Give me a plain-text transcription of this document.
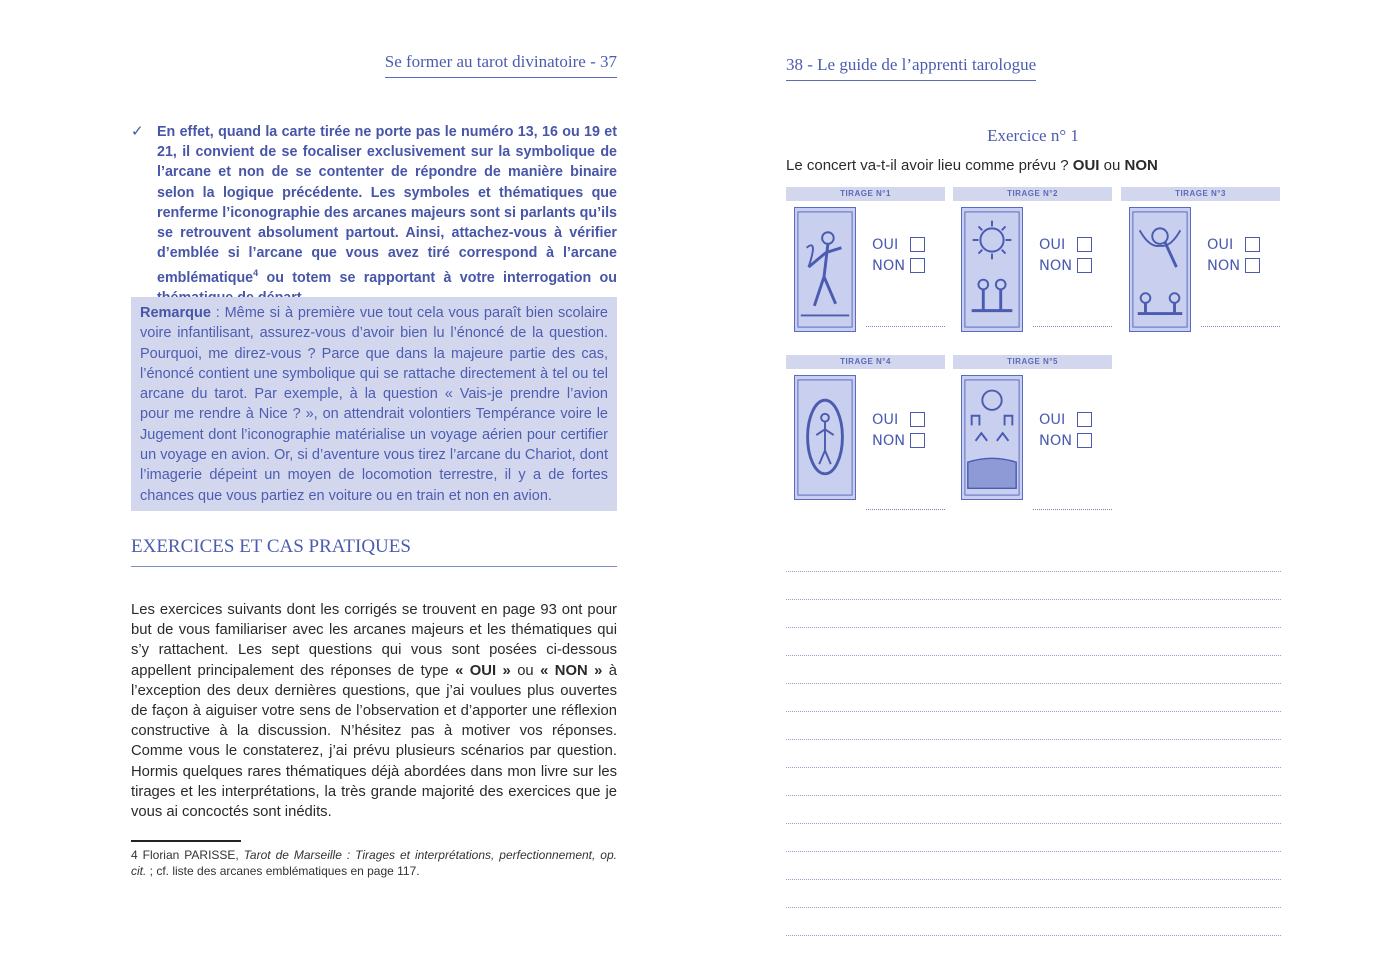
Se former au tarot divinatoire - 37
✓ En effet, quand la carte tirée ne porte pas le numéro 13, 16 ou 19 et 21, il convient de se focaliser exclusivement sur la symbolique de l’arcane et non de se contenter de répondre de manière binaire selon la logique précédente. Les symboles et thématiques que renferme l’iconographie des arcanes majeurs sont si parlants qu’ils se retrouvent absolument partout. Ainsi, attachez-vous à vérifier d’emblée si l’arcane que vous avez tiré correspond à l’arcane emblématique$^4$ ou totem se rapportant à votre interrogation ou
Remarque : Même si à première vue tout cela vous paraît bien scolaire voire infantilisant, assurez-vous d’avoir bien lu l’énoncé de la question. Pourquoi, me direz-vous ? Parce que dans la majeure partie des cas, l’énoncé contient une symbolique qui se rattache directement à tel ou tel arcane du tarot. Par exemple, à la question « Vais-je prendre l’avion pour me rendre à Nice ? », on attendrait volontiers Tempérance voire le Jugement dont l’iconographie matérialise un voyage aérien pour certifier un voyage en avion. Or, si d’aventure vous tirez l’arcane du Chariot, dont l’imagerie dépeint un moyen de locomotion terrestre, il y a de fortes chances que vous partiez en voiture ou en train et non en avion.
EXERCICES ET CAS PRATIQUES
Les exercices suivants dont les corrigés se trouvent en page 93 ont pour but de vous familiariser avec les arcanes majeurs et les thématiques qui s’y rattachent. Les sept questions qui vous sont posées ci-dessous appellent principalement des réponses de type « OUI » ou « NON » à l’exception des deux dernières questions, que j’ai voulues plus ouvertes de façon à aiguiser votre sens de l’observation et d’apporter une réflexion constructive à la discussion. N’hésitez pas à motiver vos réponses. Comme vous le constaterez, j’ai prévu plusieurs scénarios par question. Hormis quelques rares thématiques déjà abordées dans mon livre sur les tirages et les interprétations, la très grande majorité des exercices que je vous ai concoctés sont inédits.
4 Florian PARISSE, Tarot de Marseille : Tirages et interprétations, perfectionnement, op. cit. ; cf. liste des arcanes emblématiques en page 117.
38 - Le guide de l’apprenti tarologue
Exercice n° 1
Le concert va-t-il avoir lieu comme prévu ? OUI ou NON
TIRAGE N°1
OUI
NON
TIRAGE N°2
OUI
NON
TIRAGE N°3
OUI
NON
TIRAGE N°4
OUI
NON
TIRAGE N°5
OUI
NON
